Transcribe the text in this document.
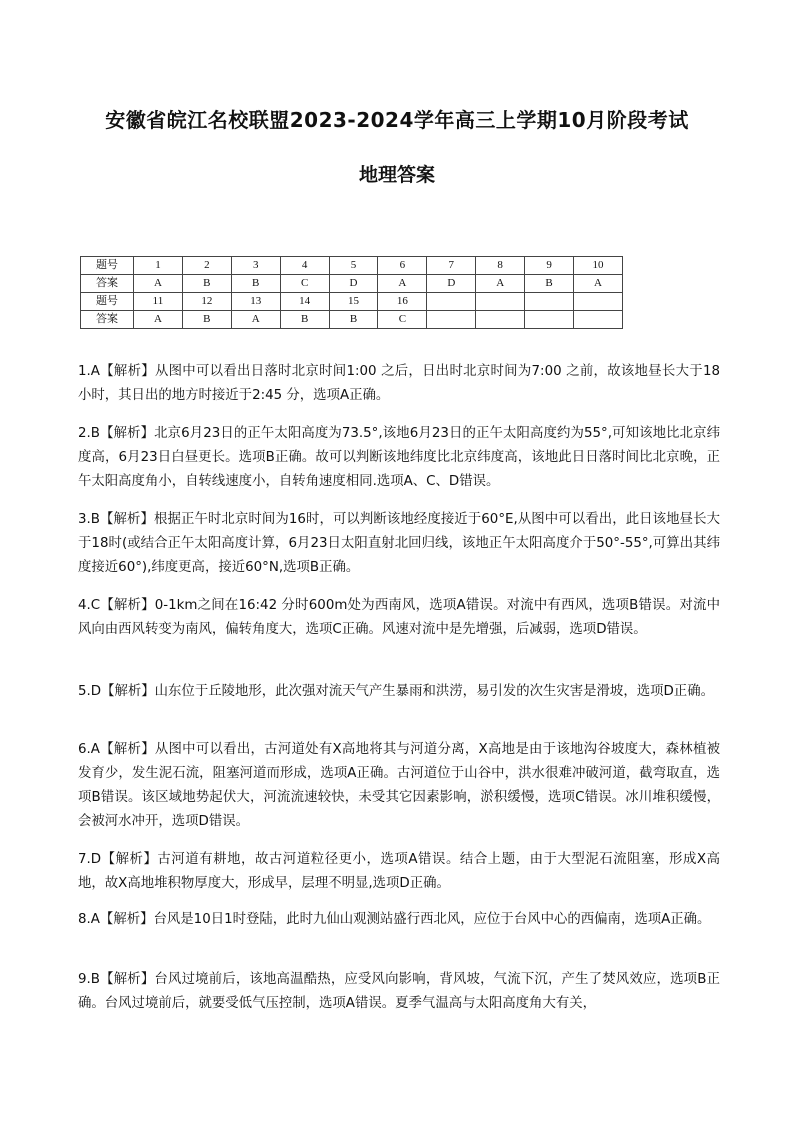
安徽省皖江名校联盟2023-2024学年高三上学期10月阶段考试
地理答案
题号	1	2	3	4	5	6	7	8	9	10
答案	A	B	B	C	D	A	D	A	B	A
题号	11	12	13	14	15	16				
答案	A	B	A	B	B	C				
1.A【解析】从图中可以看出日落时北京时间1:00 之后，日出时北京时间为7:00 之前，故该地昼长大于18小时，其日出的地方时接近于2:45 分，选项A正确。
2.B【解析】北京6月23日的正午太阳高度为73.5°,该地6月23日的正午太阳高度约为55°,可知该地比北京纬度高，6月23日白昼更长。选项B正确。故可以判断该地纬度比北京纬度高，该地此日日落时间比北京晚，正午太阳高度角小，自转线速度小，自转角速度相同.选项A、C、D错误。
3.B【解析】根据正午时北京时间为16时，可以判断该地经度接近于60°E,从图中可以看出，此日该地昼长大于18时(或结合正午太阳高度计算，6月23日太阳直射北回归线，该地正午太阳高度介于50°-55°,可算出其纬度接近60°),纬度更高，接近60°N,选项B正确。
4.C【解析】0-1km之间在16:42 分时600m处为西南风，选项A错误。对流中有西风，选项B错误。对流中风向由西风转变为南风，偏转角度大，选项C正确。风速对流中是先增强，后减弱，选项D错误。
5.D【解析】山东位于丘陵地形，此次强对流天气产生暴雨和洪涝，易引发的次生灾害是滑坡，选项D正确。
6.A【解析】从图中可以看出，古河道处有X高地将其与河道分离，X高地是由于该地沟谷坡度大，森林植被发育少，发生泥石流，阻塞河道而形成，选项A正确。古河道位于山谷中，洪水很难冲破河道，截弯取直，选项B错误。该区域地势起伏大，河流流速较快，未受其它因素影响，淤积缓慢，选项C错误。冰川堆积缓慢，会被河水冲开，选项D错误。
7.D【解析】古河道有耕地，故古河道粒径更小，选项A错误。结合上题，由于大型泥石流阻塞，形成X高地，故X高地堆积物厚度大，形成早，层理不明显,选项D正确。
8.A【解析】台风是10日1时登陆，此时九仙山观测站盛行西北风，应位于台风中心的西偏南，选项A正确。
9.B【解析】台风过境前后，该地高温酷热，应受风向影响，背风坡，气流下沉，产生了焚风效应，选项B正确。台风过境前后，就要受低气压控制，选项A错误。夏季气温高与太阳高度角大有关，
